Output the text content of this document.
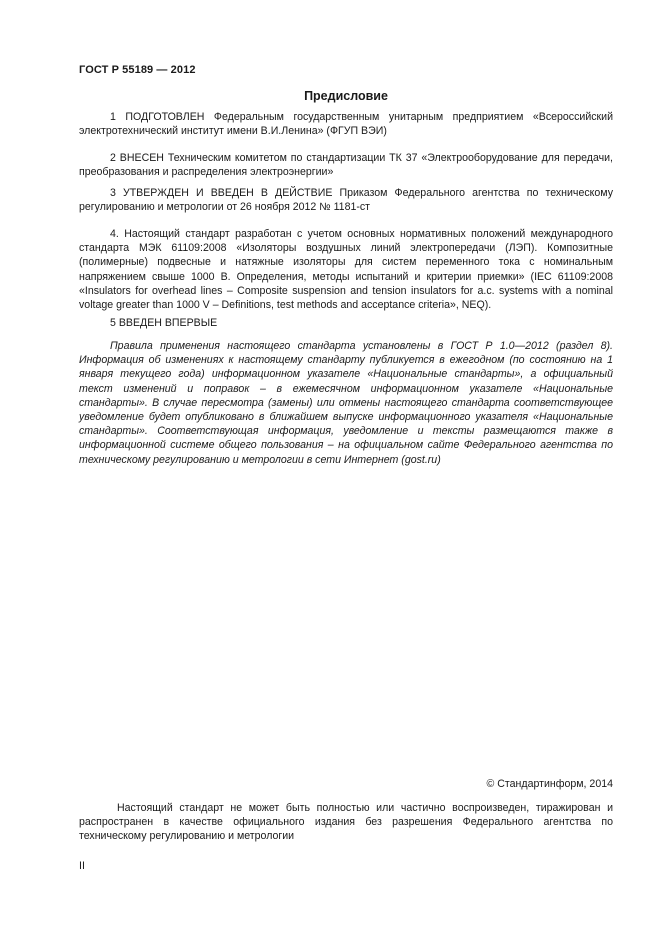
ГОСТ Р 55189 — 2012
Предисловие

1 ПОДГОТОВЛЕН Федеральным государственным унитарным предприятием «Всероссийский электротехнический институт имени В.И.Ленина» (ФГУП ВЭИ)

2 ВНЕСЕН Техническим комитетом по стандартизации ТК 37 «Электрооборудование для передачи, преобразования и распределения электроэнергии»

3 УТВЕРЖДЕН И ВВЕДЕН В ДЕЙСТВИЕ Приказом Федерального агентства по техническому регулированию и метрологии от 26 ноября 2012 № 1181-ст

4. Настоящий стандарт разработан с учетом основных нормативных положений международного стандарта МЭК 61109:2008 «Изоляторы воздушных линий электропередачи (ЛЭП). Композитные (полимерные) подвесные и натяжные изоляторы для систем переменного тока с номинальным напряжением свыше 1000 В. Определения, методы испытаний и критерии приемки» (IEC 61109:2008 «Insulators for overhead lines – Composite suspension and tension insulators for a.c. systems with a nominal voltage greater than 1000 V – Definitions, test methods and acceptance criteria», NEQ).

5 ВВЕДЕН ВПЕРВЫЕ

Правила применения настоящего стандарта установлены в ГОСТ Р 1.0—2012 (раздел 8). Информация об изменениях к настоящему стандарту публикуется в ежегодном (по состоянию на 1 января текущего года) информационном указателе «Национальные стандарты», а официальный текст изменений и поправок – в ежемесячном информационном указателе «Национальные стандарты». В случае пересмотра (замены) или отмены настоящего стандарта соответствующее уведомление будет опубликовано в ближайшем выпуске информационного указателя «Национальные стандарты». Соответствующая информация, уведомление и тексты размещаются также в информационной системе общего пользования – на официальном сайте Федерального агентства по техническому регулированию и метрологии в сети Интернет (gost.ru)

© Стандартинформ, 2014

Настоящий стандарт не может быть полностью или частично воспроизведен, тиражирован и распространен в качестве официального издания без разрешения Федерального агентства по техническому регулированию и метрологии

II
